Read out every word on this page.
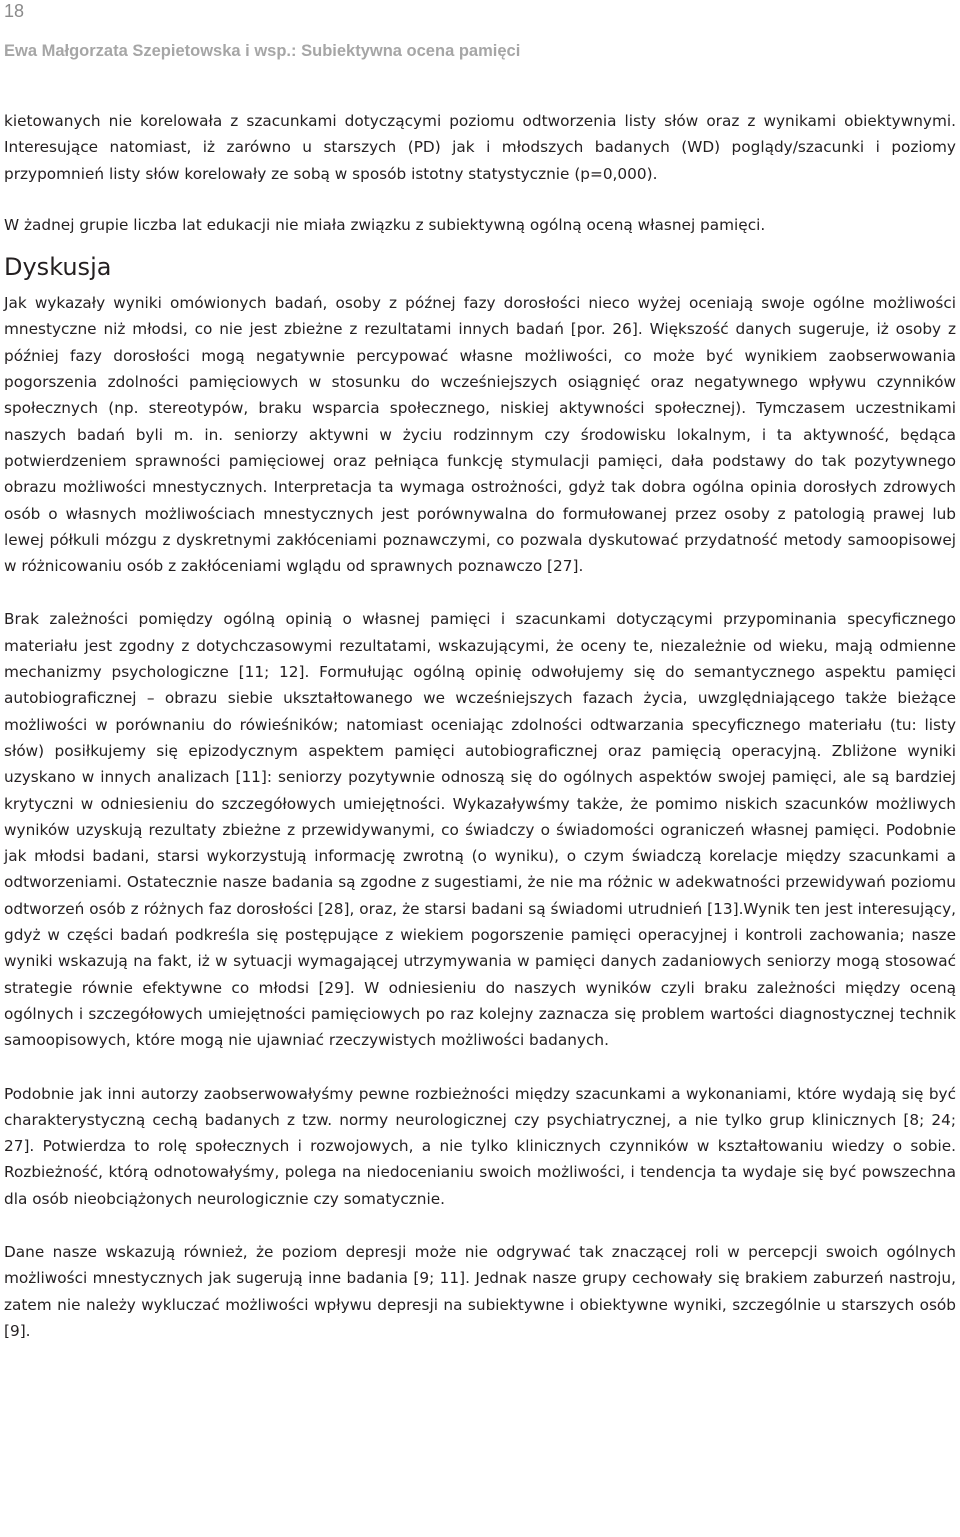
18
Ewa Małgorzata Szepietowska i wsp.: Subiektywna ocena pamięci

kietowanych nie korelowała z szacunkami dotyczącymi poziomu odtworzenia listy słów oraz z wynikami obiektywnymi. Interesujące natomiast, iż zarówno u starszych (PD) jak i młodszych badanych (WD) poglądy/szacunki i poziomy przypomnień listy słów korelowały ze sobą w sposób istotny statystycznie (p=0,000).

W żadnej grupie liczba lat edukacji nie miała związku z subiektywną ogólną oceną własnej pamięci.

Dyskusja

Jak wykazały wyniki omówionych badań, osoby z późnej fazy dorosłości nieco wyżej oceniają swoje ogólne możliwości mnestyczne niż młodsi, co nie jest zbieżne z rezultatami innych badań [por. 26]. Większość danych sugeruje, iż osoby z później fazy dorosłości mogą negatywnie percypować własne możliwości, co może być wynikiem zaobserwowania pogorszenia zdolności pamięciowych w stosunku do wcześniejszych osiągnięć oraz negatywnego wpływu czynników społecznych (np. stereotypów, braku wsparcia społecznego, niskiej aktywności społecznej). Tymczasem uczestnikami naszych badań byli m. in. seniorzy aktywni w życiu rodzinnym czy środowisku lokalnym, i ta aktywność, będąca potwierdzeniem sprawności pamięciowej oraz pełniąca funkcję stymulacji pamięci, dała podstawy do tak pozytywnego obrazu możliwości mnestycznych. Interpretacja ta wymaga ostrożności, gdyż tak dobra ogólna opinia dorosłych zdrowych osób o własnych możliwościach mnestycznych jest porównywalna do formułowanej przez osoby z patologią prawej lub lewej półkuli mózgu z dyskretnymi zakłóceniami poznawczymi, co pozwala dyskutować przydatność metody samoopisowej w różnicowaniu osób z zakłóceniami wglądu od sprawnych poznawczo [27].

Brak zależności pomiędzy ogólną opinią o własnej pamięci i szacunkami dotyczącymi przypominania specyficznego materiału jest zgodny z dotychczasowymi rezultatami, wskazującymi, że oceny te, niezależnie od wieku, mają odmienne mechanizmy psychologiczne [11; 12]. Formułując ogólną opinię odwołujemy się do semantycznego aspektu pamięci autobiograficznej – obrazu siebie ukształtowanego we wcześniejszych fazach życia, uwzględniającego także bieżące możliwości w porównaniu do rówieśników; natomiast oceniając zdolności odtwarzania specyficznego materiału (tu: listy słów) posiłkujemy się epizodycznym aspektem pamięci autobiograficznej oraz pamięcią operacyjną. Zbliżone wyniki uzyskano w innych analizach [11]: seniorzy pozytywnie odnoszą się do ogólnych aspektów swojej pamięci, ale są bardziej krytyczni w odniesieniu do szczegółowych umiejętności. Wykazaływśmy także, że pomimo niskich szacunków możliwych wyników uzyskują rezultaty zbieżne z przewidywanymi, co świadczy o świadomości ograniczeń własnej pamięci. Podobnie jak młodsi badani, starsi wykorzystują informację zwrotną (o wyniku), o czym świadczą korelacje między szacunkami a odtworzeniami. Ostatecznie nasze badania są zgodne z sugestiami, że nie ma różnic w adekwatności przewidywań poziomu odtworzeń osób z różnych faz dorosłości [28], oraz, że starsi badani są świadomi utrudnień [13].Wynik ten jest interesujący, gdyż w części badań podkreśla się postępujące z wiekiem pogorszenie pamięci operacyjnej i kontroli zachowania; nasze wyniki wskazują na fakt, iż w sytuacji wymagającej utrzymywania w pamięci danych zadaniowych seniorzy mogą stosować strategie równie efektywne co młodsi [29]. W odniesieniu do naszych wyników czyli braku zależności między oceną ogólnych i szczegółowych umiejętności pamięciowych po raz kolejny zaznacza się problem wartości diagnostycznej technik samoopisowych, które mogą nie ujawniać rzeczywistych możliwości badanych.

Podobnie jak inni autorzy zaobserwowałyśmy pewne rozbieżności między szacunkami a wykonaniami, które wydają się być charakterystyczną cechą badanych z tzw. normy neurologicznej czy psychiatrycznej, a nie tylko grup klinicznych [8; 24; 27]. Potwierdza to rolę społecznych i rozwojowych, a nie tylko klinicznych czynników w kształtowaniu wiedzy o sobie. Rozbieżność, którą odnotowałyśmy, polega na niedocenianiu swoich możliwości, i tendencja ta wydaje się być powszechna dla osób nieobciążonych neurologicznie czy somatycznie.

Dane nasze wskazują również, że poziom depresji może nie odgrywać tak znaczącej roli w percepcji swoich ogólnych możliwości mnestycznych jak sugerują inne badania [9; 11]. Jednak nasze grupy cechowały się brakiem zaburzeń nastroju, zatem nie należy wykluczać możliwości wpływu depresji na subiektywne i obiektywne wyniki, szczególnie u starszych osób [9].
